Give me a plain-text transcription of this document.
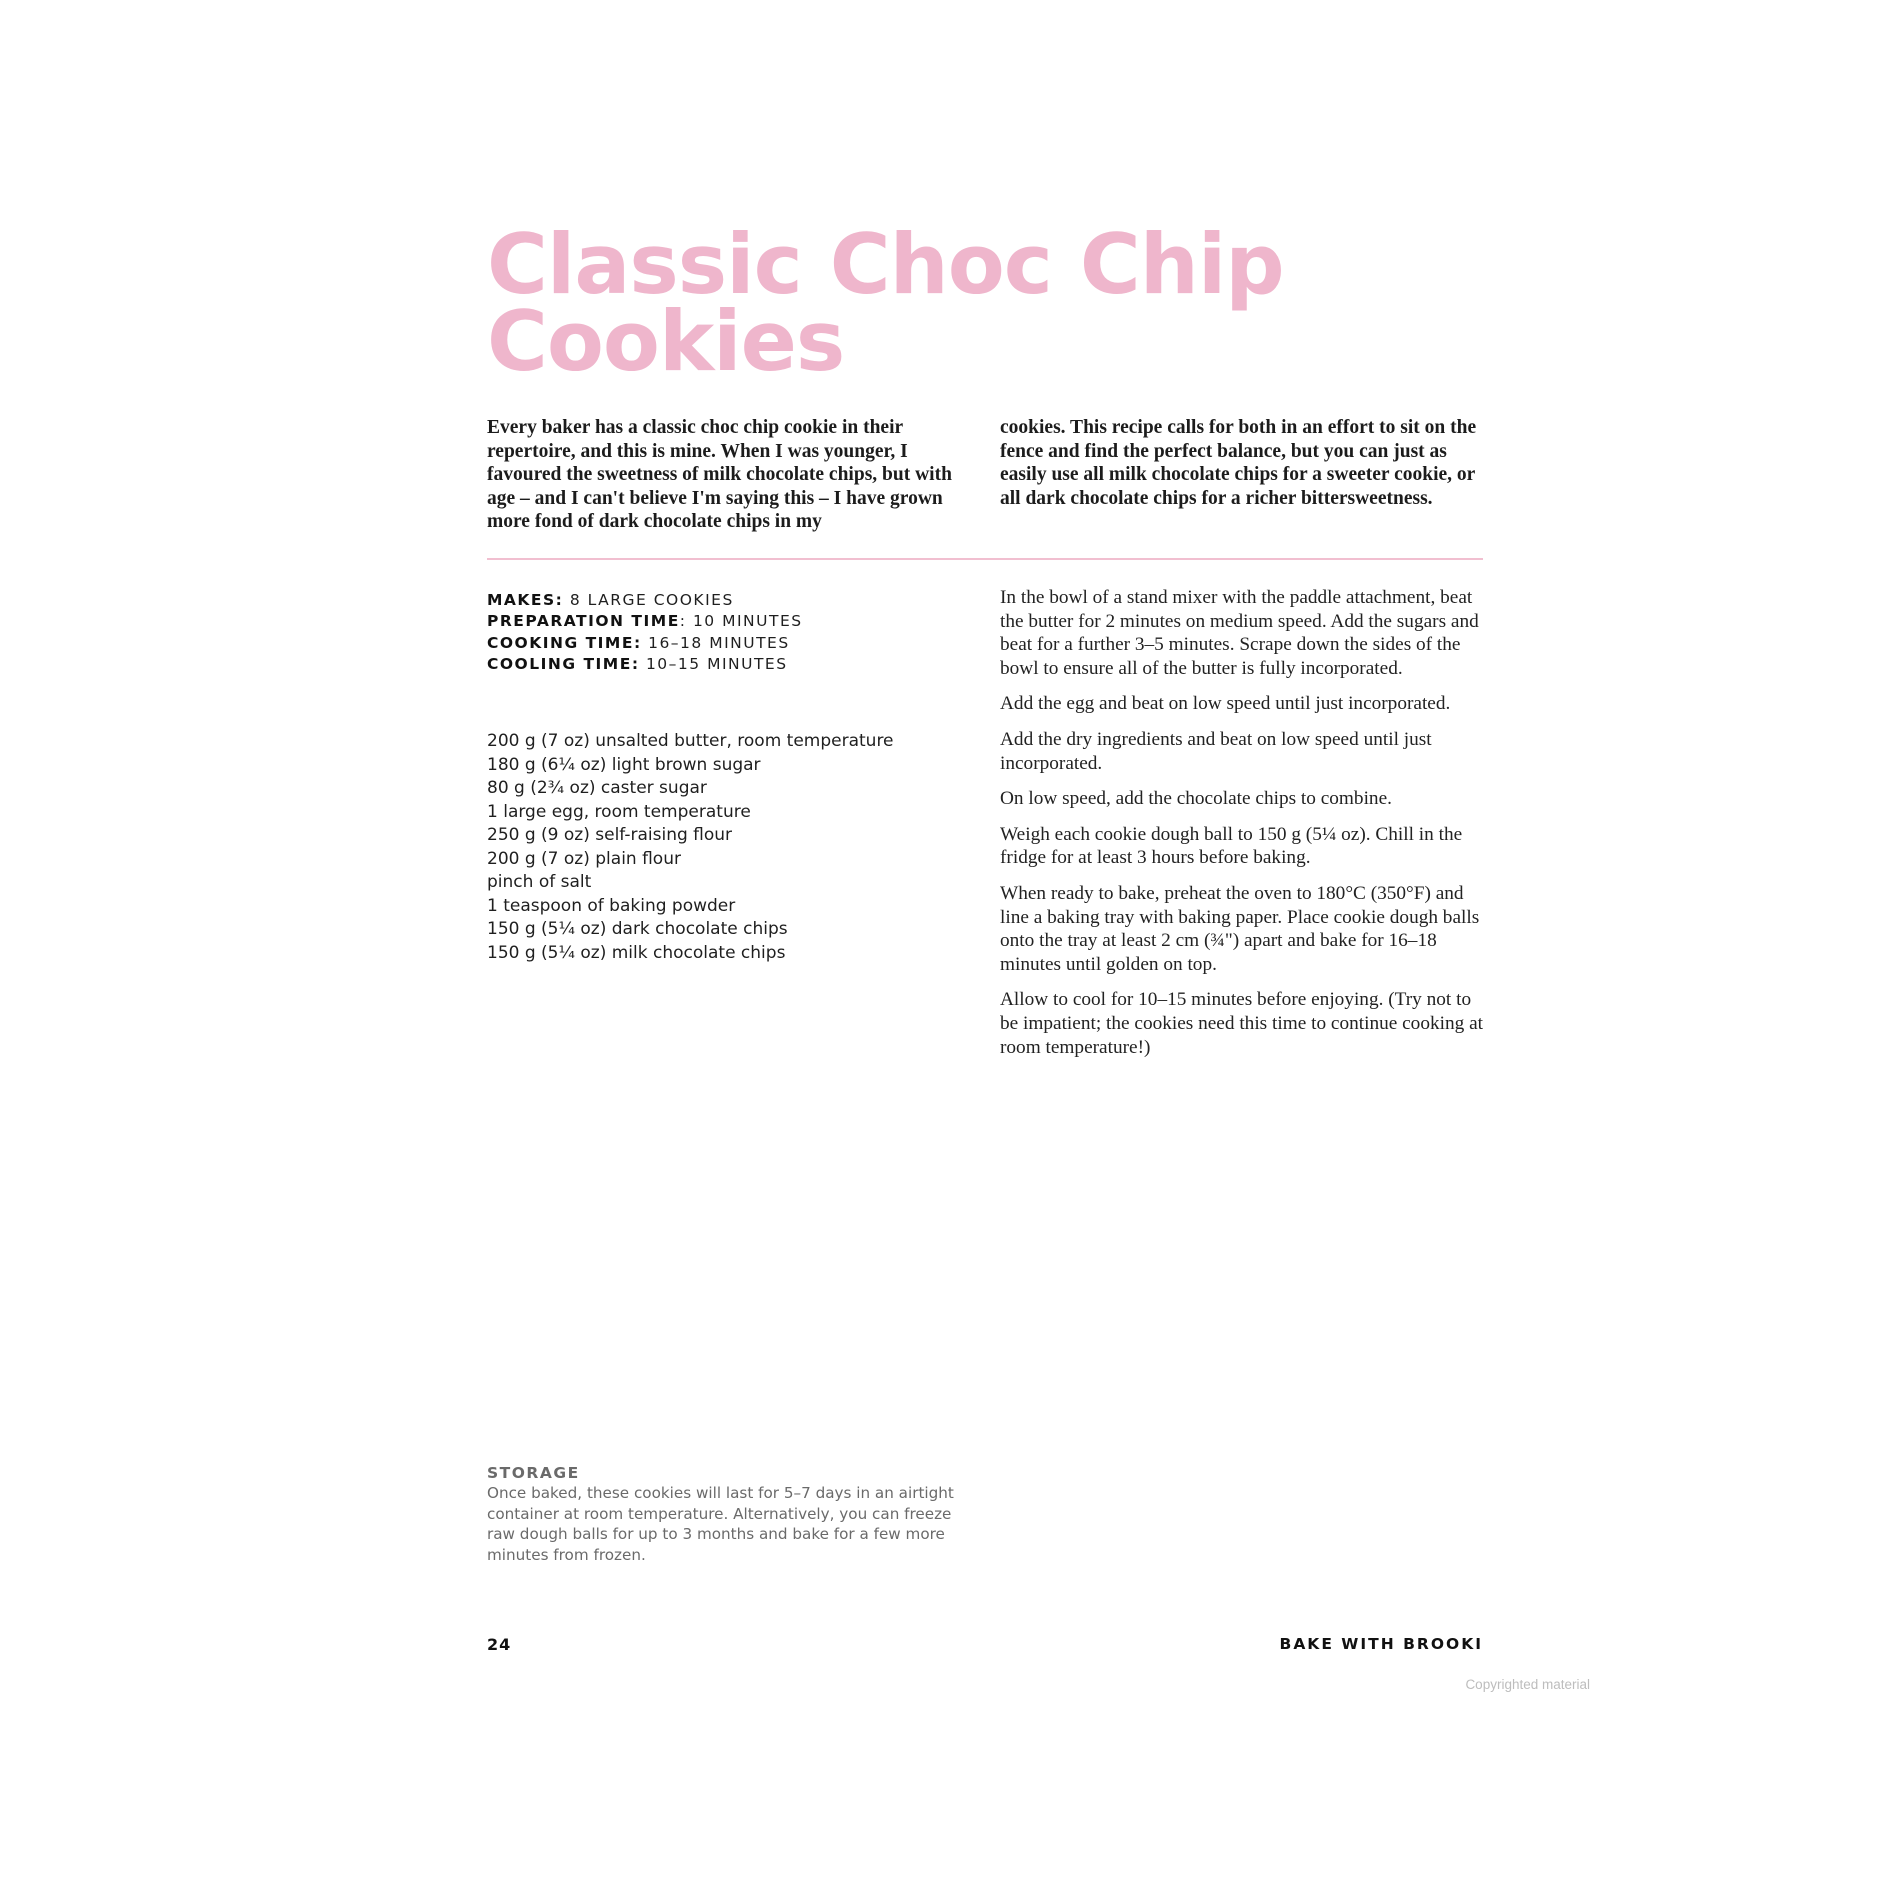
Classic Choc Chip Cookies

Every baker has a classic choc chip cookie in their repertoire, and this is mine. When I was younger, I favoured the sweetness of milk chocolate chips, but with age – and I can't believe I'm saying this – I have grown more fond of dark chocolate chips in my

cookies. This recipe calls for both in an effort to sit on the fence and find the perfect balance, but you can just as easily use all milk chocolate chips for a sweeter cookie, or all dark chocolate chips for a richer bittersweetness.

MAKES: 8 LARGE COOKIES
PREPARATION TIME: 10 MINUTES
COOKING TIME: 16–18 MINUTES
COOLING TIME: 10–15 MINUTES
200 g (7 oz) unsalted butter, room temperature
180 g (6¼ oz) light brown sugar
80 g (2¾ oz) caster sugar
1 large egg, room temperature
250 g (9 oz) self-raising flour
200 g (7 oz) plain flour
pinch of salt
1 teaspoon of baking powder
150 g (5¼ oz) dark chocolate chips
150 g (5¼ oz) milk chocolate chips

In the bowl of a stand mixer with the paddle attachment, beat the butter for 2 minutes on medium speed. Add the sugars and beat for a further 3–5 minutes. Scrape down the sides of the bowl to ensure all of the butter is fully incorporated.

Add the egg and beat on low speed until just incorporated.

Add the dry ingredients and beat on low speed until just incorporated.

On low speed, add the chocolate chips to combine.

Weigh each cookie dough ball to 150 g (5¼ oz). Chill in the fridge for at least 3 hours before baking.

When ready to bake, preheat the oven to 180°C (350°F) and line a baking tray with baking paper. Place cookie dough balls onto the tray at least 2 cm (¾") apart and bake for 16–18 minutes until golden on top.

Allow to cool for 10–15 minutes before enjoying. (Try not to be impatient; the cookies need this time to continue cooking at room temperature!)

STORAGE

Once baked, these cookies will last for 5–7 days in an airtight container at room temperature. Alternatively, you can freeze raw dough balls for up to 3 months and bake for a few more minutes from frozen.

24	BAKE WITH BROOKI
Copyrighted material
